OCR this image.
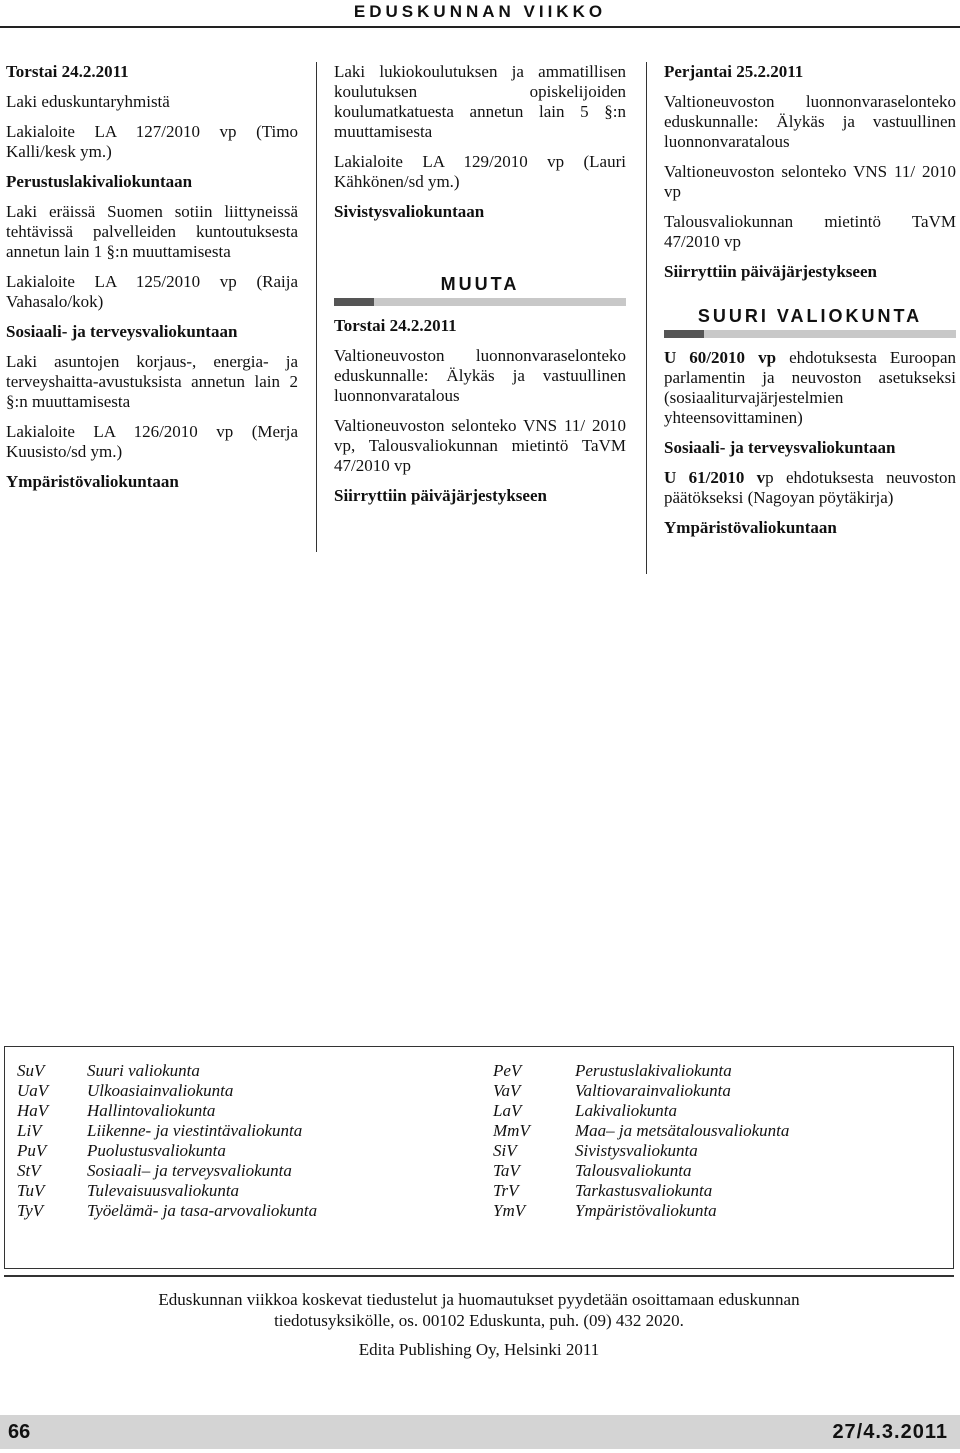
EDUSKUNNAN VIIKKO

Torstai 24.2.2011

Laki eduskuntaryhmistä

Lakialoite LA 127/2010 vp (Timo Kalli/kesk ym.)

Perustuslakivaliokuntaan

Laki eräissä Suomen sotiin liittyneissä tehtävissä palvelleiden kuntoutuksesta annetun lain 1 §:n muuttamisesta

Lakialoite LA 125/2010 vp (Raija Vahasalo/kok)

Sosiaali- ja terveysvaliokuntaan

Laki asuntojen korjaus-, energia- ja terveyshaitta-avustuksista annetun lain 2 §:n muuttamisesta

Lakialoite LA 126/2010 vp (Merja Kuusisto/sd ym.)

Ympäristövaliokuntaan

Laki lukiokoulutuksen ja ammatillisen koulutuksen opiskelijoiden koulumatkatuesta annetun lain 5 §:n muuttamisesta

Lakialoite LA 129/2010 vp (Lauri Kähkönen/sd ym.)

Sivistysvaliokuntaan

MUUTA

Torstai 24.2.2011

Valtioneuvoston luonnonvaraselonteko eduskunnalle: Älykäs ja vastuullinen luonnonvaratalous

Valtioneuvoston selonteko VNS 11/ 2010 vp, Talousvaliokunnan mietintö TaVM 47/2010 vp

Siirryttiin päiväjärjestykseen

Perjantai 25.2.2011

Valtioneuvoston luonnonvaraselonteko eduskunnalle: Älykäs ja vastuullinen luonnonvaratalous

Valtioneuvoston selonteko VNS 11/ 2010 vp

Talousvaliokunnan mietintö TaVM 47/2010 vp

Siirryttiin päiväjärjestykseen

SUURI VALIOKUNTA

U 60/2010 vp ehdotuksesta Euroopan parlamentin ja neuvoston asetukseksi (sosiaaliturvajärjestelmien yhteensovittaminen)

Sosiaali- ja terveysvaliokuntaan

U 61/2010 vp ehdotuksesta neuvoston päätökseksi (Nagoyan pöytäkirja)

Ympäristövaliokuntaan

SuV	Suuri valiokunta
UaV Ulkoasiainvaliokunta
HaV Hallintovaliokunta
LiV	Liikenne- ja viestintävaliokunta
PuV Puolustusvaliokunta
StV	Sosiaali– ja terveysvaliokunta
TuV	Tulevaisuusvaliokunta
TyV	Työelämä- ja tasa-arvovaliokunta
PeV	Perustuslakivaliokunta
VaV	Valtiovarainvaliokunta
LaV	Lakivaliokunta
MmV	Maa– ja metsätalousvaliokunta
SiV	Sivistysvaliokunta
TaV	Talousvaliokunta
TrV	Tarkastusvaliokunta
YmV	Ympäristövaliokunta

Eduskunnan viikkoa koskevat tiedustelut ja huomautukset pyydetään osoittamaan eduskunnan

tiedotusyksikölle, os. 00102 Eduskunta, puh. (09) 432 2020.

Edita Publishing Oy, Helsinki 2011

66	27/4.3.2011
